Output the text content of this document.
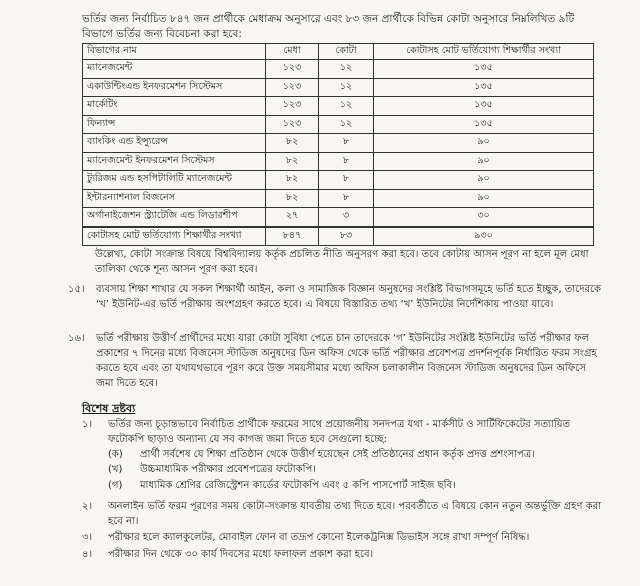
ভর্তির জন্য নির্বাচিত ৮৪৭ জন প্রার্থীকে মেধাক্রম অনুসারে এবং ৮৩ জন প্রার্থীকে বিভিন্ন কোটা অনুসারে নিম্নলিখিত ৯টি বিভাগে ভর্তির জন্য বিবেচনা করা হবে:
বিভাগের নাম	মেধা	কোটা	কোটাসহ মোট ভর্তিযোগ্য শিক্ষার্থীর সংখ্যা
ম্যানেজমেন্ট	১২৩	১২	১৩৫
একাউন্টিংএন্ড ইনফরমেশন সিস্টেমস	১২৩	১২	১৩৫
মার্কেটিং	১২৩	১২	১৩৫
ফিন্যান্স	১২৩	১২	১৩৫
ব্যাংকিং এন্ড ইন্স্যুরেন্স	৮২	৮	৯০
ম্যানেজমেন্ট ইনফরমেশন সিস্টেমস	৮২	৮	৯০
ট্যুরিজম এন্ড হসপিটালিটি ম্যানেজমেন্ট	৮২	৮	৯০
ইন্টারন্যাশনাল বিজনেস	৮২	৮	৯০
অর্গানাইজেশন স্ট্র্যাটেজি এন্ড লিডারশীপ	২৭	৩	৩০
কোটাসহ মোট ভর্তিযোগ্য শিক্ষার্থীর সংখ্যা	৮৪৭	৮৩	৯৩০
উল্লেখ্য, কোটা সংক্রান্ত বিষয়ে বিশ্ববিদ্যালয় কর্তৃক প্রচলিত নীতি অনুসরণ করা হবে। তবে কোটায় আসন পূরণ না হলে মূল মেধা তালিকা থেকে শূন্য আসন পূরণ করা হবে।
১৫।	ব্যবসায় শিক্ষা শাখার যে সকল শিক্ষার্থী আইন, কলা ও সামাজিক বিজ্ঞান অনুষদের সংশ্লিষ্ট বিভাগসমূহে ভর্তি হতে ইচ্ছুক, তাদেরকে ‘খ’ ইউনিট-এর ভর্তি পরীক্ষায় অংশগ্রহণ করতে হবে। এ বিষয়ে বিস্তারিত তথ্য ‘খ’ ইউনিটের নির্দেশিকায় পাওয়া যাবে।
১৬।	ভর্তি পরীক্ষায় উত্তীর্ণ প্রার্থীদের মধ্যে যারা কোটা সুবিধা পেতে চান তাদেরকে ‘গ’ ইউনিটের সংশ্লিষ্ট ইউনিটের ভর্তি পরীক্ষার ফল প্রকাশের ৭ দিনের মধ্যে বিজনেস স্টাডিজ অনুষদের ডিন অফিস থেকে ভর্তি পরীক্ষার প্রবেশপত্র প্রদর্শনপূর্বক নির্ধারিত ফরম সংগ্রহ করতে হবে এবং তা যথাযথভাবে পূরণ করে উক্ত সময়সীমার মধ্যে অফিস চলাকালীন বিজনেস স্টাডিজ অনুষদের ডিন অফিসে জমা দিতে হবে।
বিশেষ দ্রষ্টব্য
১।	ভর্তির জন্য চূড়ান্তভাবে নির্বাচিত প্রার্থীকে ফরমের সাথে প্রয়োজনীয় সনদপত্র যথা - মার্কসীট ও সার্টিফিকেটের সত্যায়িত ফটোকপি ছাড়াও অন্যান্য যে সব কাগজ জমা দিতে হবে সেগুলো হচ্ছে:
(ক)	প্রার্থী সর্বশেষ যে শিক্ষা প্রতিষ্ঠান থেকে উত্তীর্ণ হয়েছেন সেই প্রতিষ্ঠানের প্রধান কর্তৃক প্রদত্ত প্রশংসাপত্র।
(খ)	উচ্চমাধ্যমিক পরীক্ষার প্রবেশপত্রের ফটোকপি।
(গ)	মাধ্যমিক শ্রেণির রেজিস্ট্রেশন কার্ডের ফটোকপি এবং ৫ কপি পাসপোর্ট সাইজ ছবি।
২।	অনলাইন ভর্তি ফরম পূরণের সময় কোটা-সংক্রান্ত যাবতীয় তথ্য দিতে হবে। পরবর্তীতে এ বিষয়ে কোন নতুন অন্তর্ভুক্তি গ্রহণ করা হবে না।
৩।	পরীক্ষার হলে ক্যালকুলেটর, মোবাইল ফোন বা তদ্রূপ কোনো ইলেকট্রনিক্স ডিভাইস সঙ্গে রাখা সম্পূর্ণ নিষিদ্ধ।
৪।	পরীক্ষার দিন থেকে ৩০ কার্য দিবসের মধ্যে ফলাফল প্রকাশ করা হবে।
